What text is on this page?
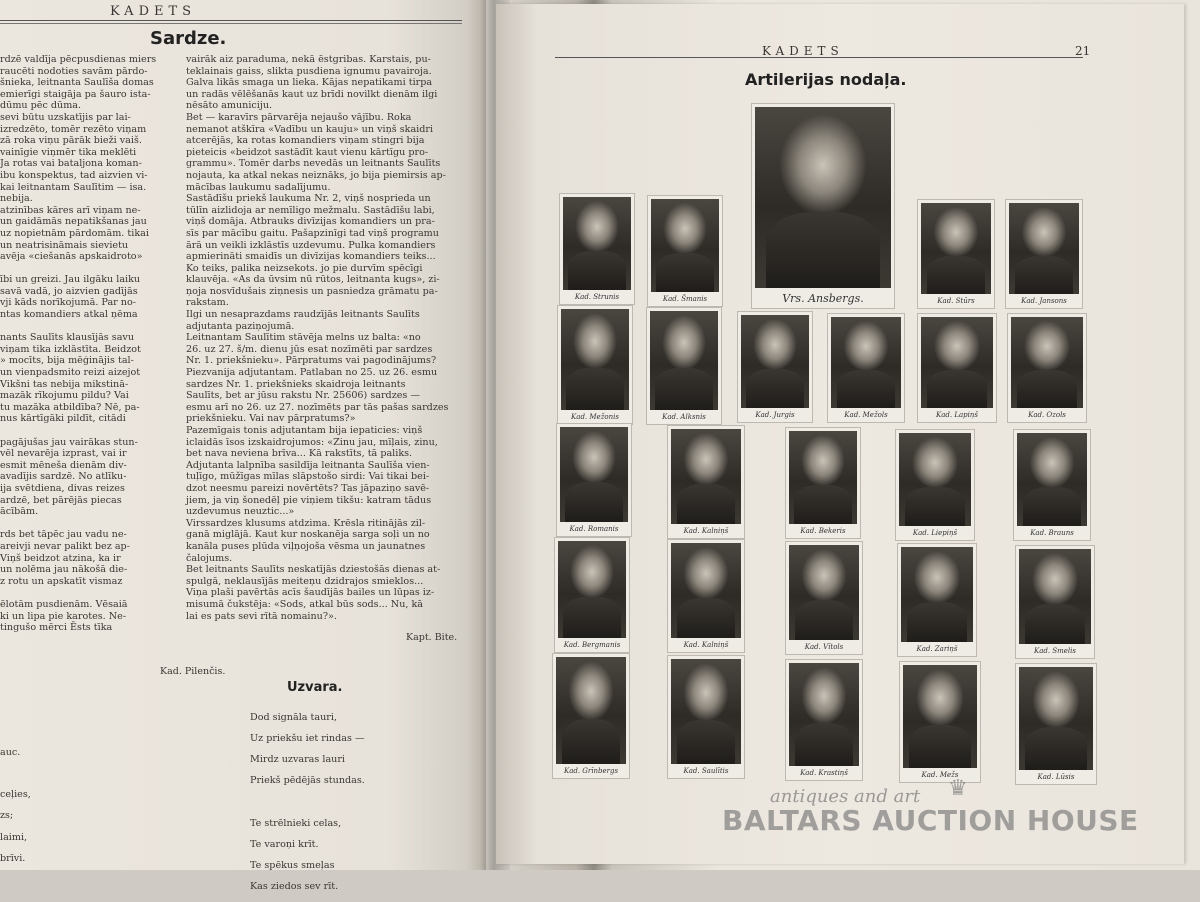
KADETS
Sardze.

rdzē valdīja pēcpusdienas miers

raucēti nodoties savām pārdo-

šnieka, leitnanta Saulīša domas

emierīgi staigāja pa šauro ista-

dūmu pēc dūma.

sevi būtu uzskatījis par lai-

izredzēto, tomēr rezēto viņam

zā roka viņu pārāk bieži vaiš.

vainīgie viņmēr tika meklēti

Ja rotas vai bataljona koman-

ibu konspektus, tad aizvien vi-

kai leitnantam Saulītim — isa.

nebija.

atzinības kāres arī viņam ne-

un gaidāmās nepatikšanas jau

uz nopietnām pārdomām. tikai

un neatrisināmais sievietu

avēja «ciešanās apskaidroto»

ībi un greizi. Jau ilgāku laiku

savā vadā, jo aizvien gadījās

vji kāds norīkojumā. Par no-

ntas komandiers atkal ņēma

nants Saulīts klausījās savu

viņam tika izklāstīta. Beidzot

» mocīts, bija mēģinājis tal-

un vienpadsmito reizi aizejot

Vikšni tas nebija mikstinā-

mazāk rīkojumu pildu? Vai

tu mazāka atbildība? Nē, pa-

nus kārtīgāki pildīt, citādi

pagājušas jau vairākas stun-

vēl nevarēja izprast, vai ir

esmit mēneša dienām div-

avadījis sardzē. No atlīku-

ija svētdiena, divas reizes

ardzē, bet pārējās piecas

ācībām.

rds bet tāpēc jau vadu ne-

areivji nevar palikt bez ap-

Viņš beidzot atzina, ka ir

un nolēma jau nākošā die-

z rotu un apskatīt vismaz

ēlotām pusdienām. Vēsaiā

ki un lipa pie karotes. Ne-

tingušo mērci Ēsts tīka

vairāk aiz paraduma, nekā ēstgribas. Karstais, pu-

teklainais gaiss, slikta pusdiena ignumu pavairoja.

Galva likās smaga un lieka. Kājas nepatikami tirpa

un radās vēlēšanās kaut uz brīdi novilkt dienām ilgi

nēsāto amuniciju.

Bet — karavīrs pārvarēja nejaušo vājību. Roka

nemanot atškīra «Vadību un kauju» un viņš skaidri

atcerējās, ka rotas komandiers viņam stingri bija

pieteicis «beidzot sastādīt kaut vienu kārtīgu pro-

grammu». Tomēr darbs nevedās un leitnants Saulīts

nojauta, ka atkal nekas neiznāks, jo bija piemirsis ap-

mācības laukumu sadalījumu.

Sastādīšu priekš laukuma Nr. 2, viņš nosprieda un

tūlīn aizlidoja ar nemīligo mežmalu. Sastādīšu labi,

viņš domāja. Atbrauks divīzijas komandiers un pra-

sīs par mācību gaitu. Pašapzinīgi tad viņš programu

ārā un veikli izklāstīs uzdevumu. Pulka komandiers

apmierināti smaidīs un divīzijas komandiers teiks...

Ko teiks, palika neizsekots. jo pie durvīm spēcīgi

klauvēja. «As da ūvsim nū rūtos, leitnanta kugs», zi-

ņoja nosvīdušais ziņnesis un pasniedza grāmatu pa-

rakstam.

Ilgi un nesaprazdams raudzījās leitnants Saulīts

adjutanta paziņojumā.

Leitnantam Saulītim stāvēja melns uz balta: «no

26. uz 27. š/m. dienu jūs esat nozīmēti par sardzes

Nr. 1. priekšnieku». Pārpratums vai pagodinājums?

Piezvanija adjutantam. Patlaban no 25. uz 26. esmu

sardzes Nr. 1. priekšnieks skaidroja leitnants

Saulīts, bet ar jūsu rakstu Nr. 25606) sardzes —

esmu arī no 26. uz 27. nozīmēts par tās pašas sardzes

priekšnieku. Vai nav pārpratums?»

Pazemīgais tonis adjutantam bija iepaticies: viņš

iclaidās īsos izskaidrojumos: «Zinu jau, mīļais, zinu,

bet nava neviena brīva... Kā rakstīts, tā paliks.

Adjutanta lalpnība sasildīja leitnanta Saulīša vien-

tuļīgo, mūžīgas mīlas slāpstošo sirdi: Vai tikai bei-

dzot neesmu pareizi novērtēts? Tas jāpaziņo savē-

jiem, ja viņ šonedēļ pie viņiem tikšu: katram tādus

uzdevumus neuztic...»

Virssardzes klusums atdzima. Krēsla ritinājās zil-

ganā miglājā. Kaut kur noskanēja sarga soļi un no

kanāla puses plūda viļņojoša vēsma un jaunatnes

čalojums.

Bet leitnants Saulīts neskatījās dziestošās dienas at-

spulgā, neklausījās meiteņu dzidrajos smieklos...

Viņa plaši pavērtās acīs šaudījās bailes un lūpas iz-

misumā čukstēja: «Sods, atkal būs sods... Nu, kā

lai es pats sevi rītā nomainu?».

Kapt. Bite.
Kad. Pilenčis.
Uzvara.

Dod signāla tauri,

Uz priekšu iet rindas —

Mirdz uzvaras lauri

Priekš pēdējās stundas.

Te strēlnieki celas,

Te varoņi krīt.

Te spēkus smeļas

Kas ziedos sev rīt.

auc.

ceļies,

zs;

laimi,

brīvi.

KADETS	21
Artilerijas nodaļa.
Vrs. Ansbergs.
Kad. Strunis	Kad. Šmanis	Kad. Stūrs	Kad. Jansons
Kad. Mežonis	Kad. Alksnis	Kad. Jurgis	Kad. Mežols	Kad. Lapiņš	Kad. Ozols
Kad. Romanis	Kad. Kalniņš	Kad. Bekeris	Kad. Liepiņš	Kad. Brauns
Kad. Bergmanis	Kad. Kalniņš	Kad. Vītols	Kad. Zariņš	Kad. Smelis
Kad. Grīnbergs	Kad. Saulītis	Kad. Krastiņš	Kad. Mežs	Kad. Lūsis
antiques and art ♛
BALTARS AUCTION HOUSE
